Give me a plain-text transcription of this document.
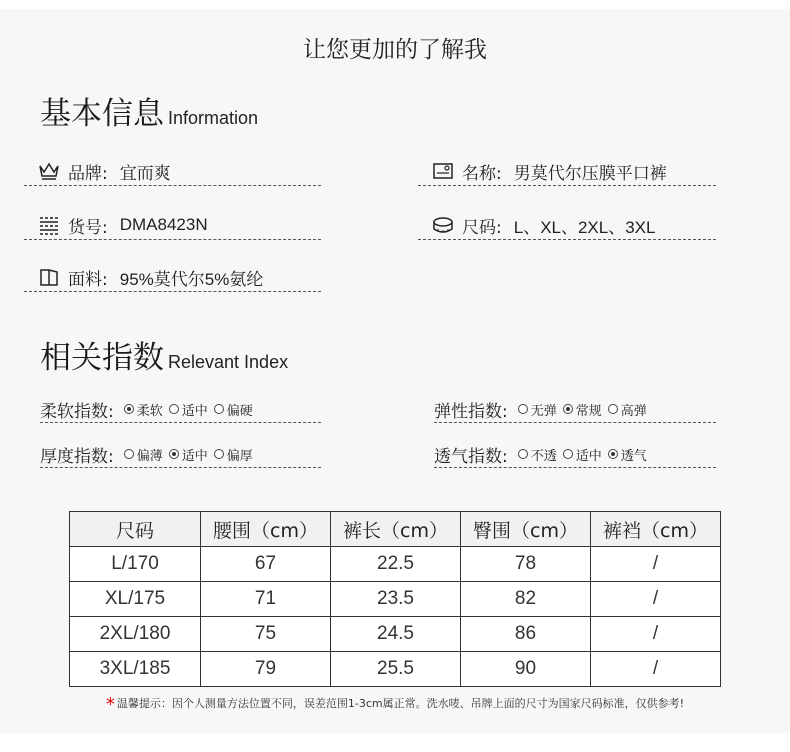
让您更加的了解我
基本信息 Information
品牌: 宜而爽	名称: 男莫代尔压膜平口裤
货号: DMA8423N	尺码: L、XL、2XL、3XL
面料: 95%莫代尔5%氨纶
相关指数 Relevant Index
柔软指数: 柔软 适中 偏硬	弹性指数: 无弹 常规 高弹
厚度指数: 偏薄 适中 偏厚	透气指数: 不透 适中 透气
尺码	腰围（cm）	裤长（cm）	臀围（cm）	裤裆（cm）
L/170	67	22.5	78	/
XL/175	71	23.5	82	/
2XL/180	75	24.5	86	/
3XL/185	79	25.5	90	/
* 温馨提示：因个人测量方法位置不同，误差范围1-3cm属正常。洗水唛、吊牌上面的尺寸为国家尺码标准，仅供参考!
